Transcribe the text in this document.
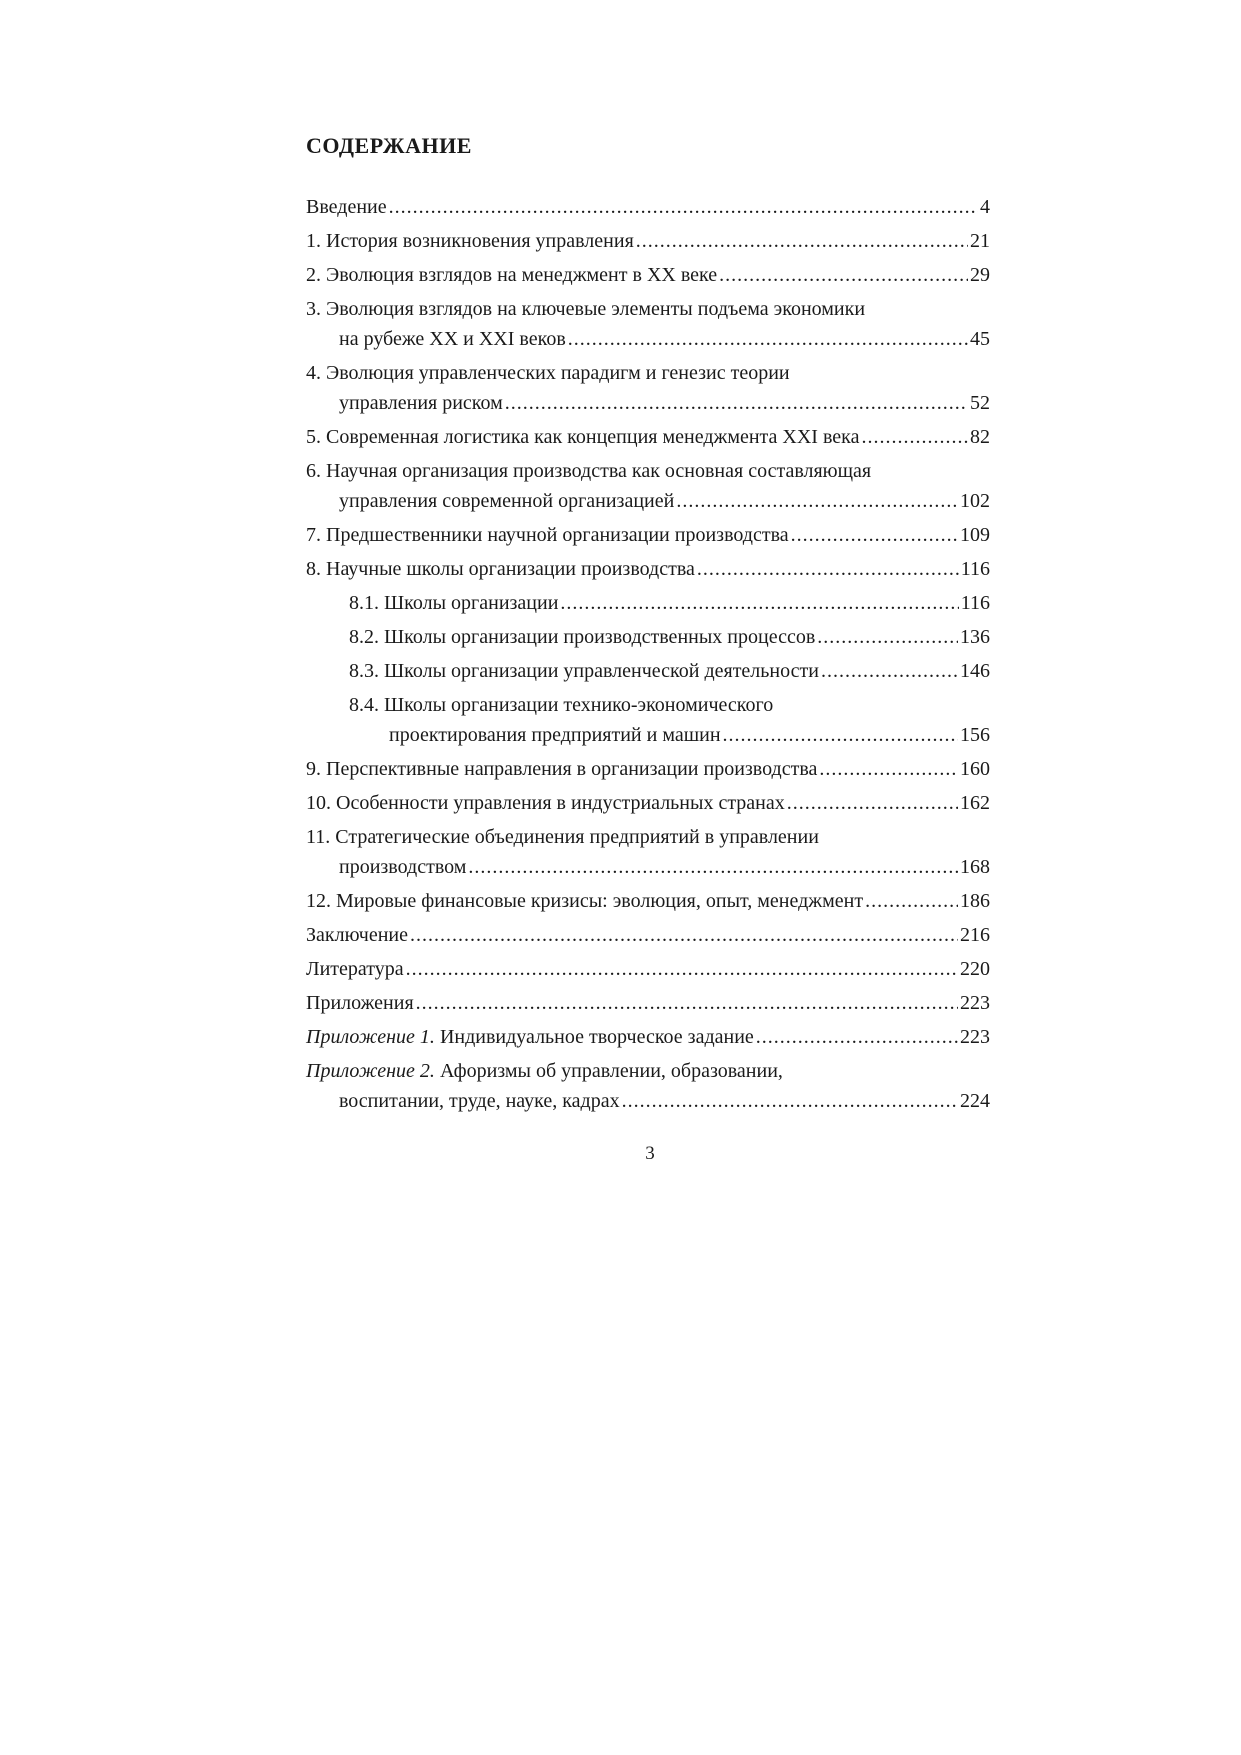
СОДЕРЖАНИЕ
Введение .....	4
1. История возникновения управления .....	21
2. Эволюция взглядов на менеджмент в XX веке .....	29
3. Эволюция взглядов на ключевые элементы подъема экономики
на рубеже XX и XXI веков .....	45
4. Эволюция управленческих парадигм и генезис теории
управления риском .....	52
5. Современная логистика как концепция менеджмента XXI века .....	82
6. Научная организация производства как основная составляющая
управления современной организацией .....	102
7. Предшественники научной организации производства .....	109
8. Научные школы организации производства .....	116
8.1. Школы организации .....	116
8.2. Школы организации производственных процессов .....	136
8.3. Школы организации управленческой деятельности .....	146
8.4. Школы организации технико-экономического
проектирования предприятий и машин .....	156
9. Перспективные направления в организации производства .....	160
10. Особенности управления в индустриальных странах .....	162
11. Стратегические объединения предприятий в управлении
производством .....	168
12. Мировые финансовые кризисы: эволюция, опыт, менеджмент .....	186
Заключение .....	216
Литература .....	220
Приложения .....	223
Приложение 1. Индивидуальное творческое задание .....	223
Приложение 2. Афоризмы об управлении, образовании,
воспитании, труде, науке, кадрах .....	224
3
